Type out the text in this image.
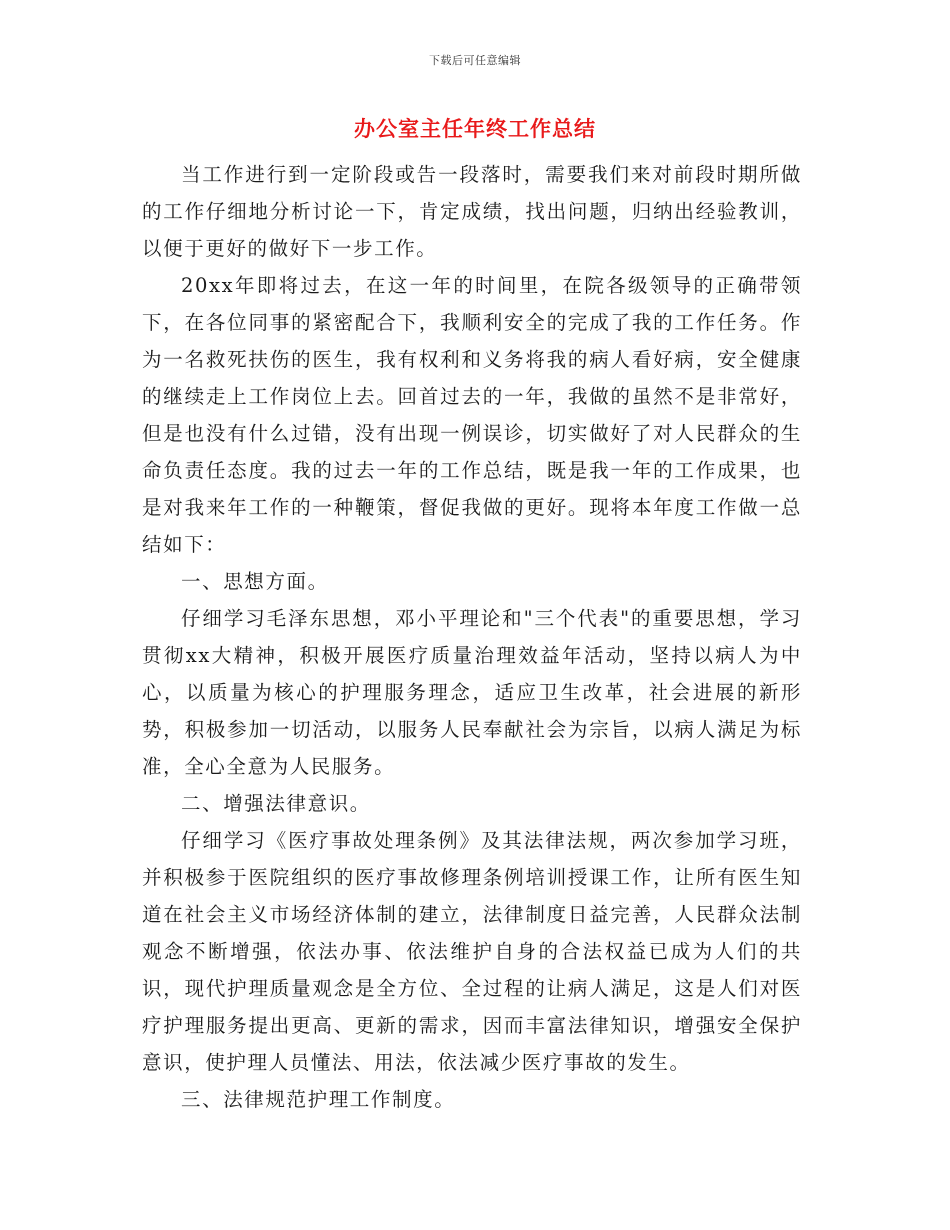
下载后可任意编辑
办公室主任年终工作总结

当工作进行到一定阶段或告一段落时，需要我们来对前段时期所做的工作仔细地分析讨论一下，肯定成绩，找出问题，归纳出经验教训，以便于更好的做好下一步工作。

20xx年即将过去，在这一年的时间里，在院各级领导的正确带领下，在各位同事的紧密配合下，我顺利安全的完成了我的工作任务。作为一名救死扶伤的医生，我有权利和义务将我的病人看好病，安全健康的继续走上工作岗位上去。回首过去的一年，我做的虽然不是非常好，但是也没有什么过错，没有出现一例误诊，切实做好了对人民群众的生命负责任态度。我的过去一年的工作总结，既是我一年的工作成果，也是对我来年工作的一种鞭策，督促我做的更好。现将本年度工作做一总结如下：

一、思想方面。

仔细学习毛泽东思想，邓小平理论和"三个代表"的重要思想，学习贯彻xx大精神，积极开展医疗质量治理效益年活动，坚持以病人为中心，以质量为核心的护理服务理念，适应卫生改革，社会进展的新形势，积极参加一切活动，以服务人民奉献社会为宗旨，以病人满足为标准，全心全意为人民服务。

二、增强法律意识。

仔细学习《医疗事故处理条例》及其法律法规，两次参加学习班，并积极参于医院组织的医疗事故修理条例培训授课工作，让所有医生知道在社会主义市场经济体制的建立，法律制度日益完善，人民群众法制观念不断增强，依法办事、依法维护自身的合法权益已成为人们的共识，现代护理质量观念是全方位、全过程的让病人满足，这是人们对医疗护理服务提出更高、更新的需求，因而丰富法律知识，增强安全保护意识，使护理人员懂法、用法，依法减少医疗事故的发生。

三、法律规范护理工作制度。
